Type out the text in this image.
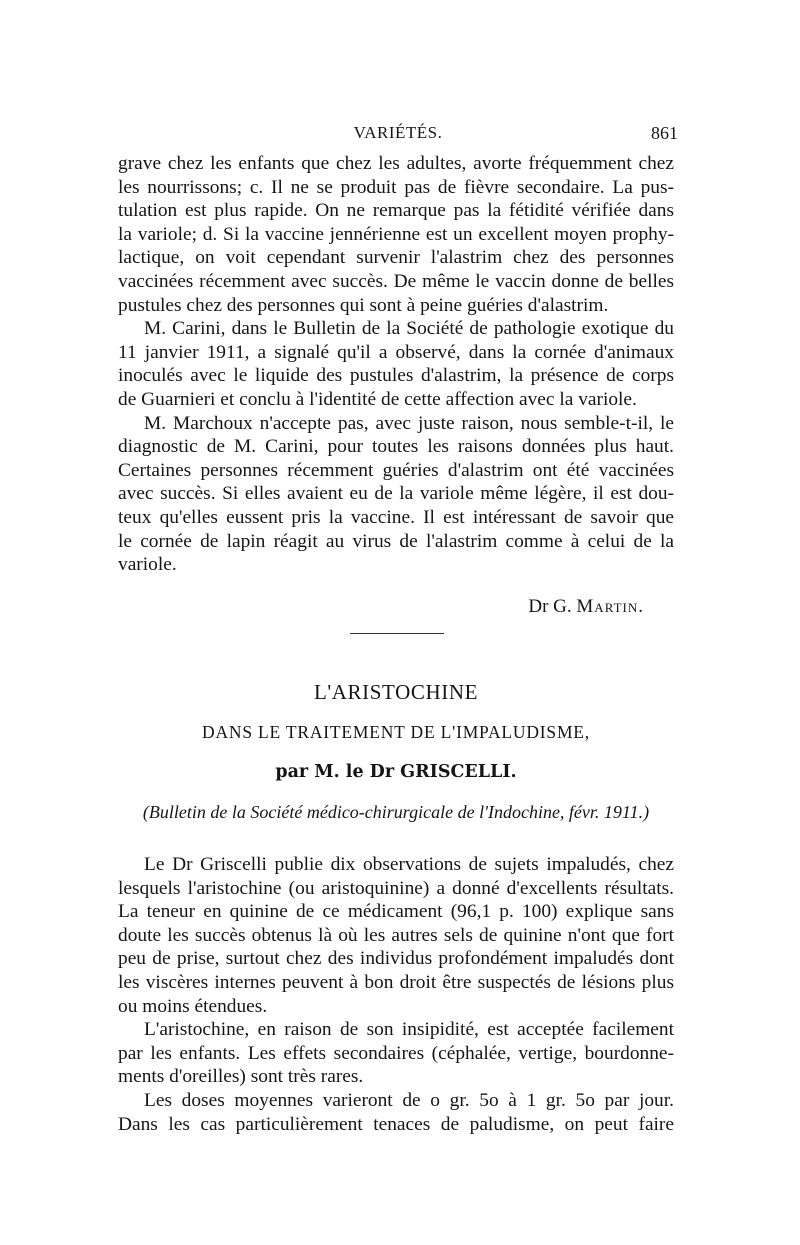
VARIÉTÉS.	861
grave chez les enfants que chez les adultes, avorte fréquemment chez
les nourrissons; c. Il ne se produit pas de fièvre secondaire. La pus-
tulation est plus rapide. On ne remarque pas la fétidité vérifiée dans
la variole; d. Si la vaccine jennérienne est un excellent moyen prophy-
lactique, on voit cependant survenir l'alastrim chez des personnes
vaccinées récemment avec succès. De même le vaccin donne de belles
pustules chez des personnes qui sont à peine guéries d'alastrim.
M. Carini, dans le Bulletin de la Société de pathologie exotique du
11 janvier 1911, a signalé qu'il a observé, dans la cornée d'animaux
inoculés avec le liquide des pustules d'alastrim, la présence de corps
de Guarnieri et conclu à l'identité de cette affection avec la variole.
M. Marchoux n'accepte pas, avec juste raison, nous semble-t-il, le
diagnostic de M. Carini, pour toutes les raisons données plus haut.
Certaines personnes récemment guéries d'alastrim ont été vaccinées
avec succès. Si elles avaient eu de la variole même légère, il est dou-
teux qu'elles eussent pris la vaccine. Il est intéressant de savoir que
le cornée de lapin réagit au virus de l'alastrim comme à celui de la
variole.
Dr G. Martin.
L'ARISTOCHINE
DANS LE TRAITEMENT DE L'IMPALUDISME,
par M. le Dr GRISCELLI.
(Bulletin de la Société médico-chirurgicale de l'Indochine, févr. 1911.)
Le Dr Griscelli publie dix observations de sujets impaludés, chez
lesquels l'aristochine (ou aristoquinine) a donné d'excellents résultats.
La teneur en quinine de ce médicament (96,1 p. 100) explique sans
doute les succès obtenus là où les autres sels de quinine n'ont que fort
peu de prise, surtout chez des individus profondément impaludés dont
les viscères internes peuvent à bon droit être suspectés de lésions plus
ou moins étendues.
L'aristochine, en raison de son insipidité, est acceptée facilement
par les enfants. Les effets secondaires (céphalée, vertige, bourdonne-
ments d'oreilles) sont très rares.
Les doses moyennes varieront de o gr. 5o à 1 gr. 5o par jour.
Dans les cas particulièrement tenaces de paludisme, on peut faire
